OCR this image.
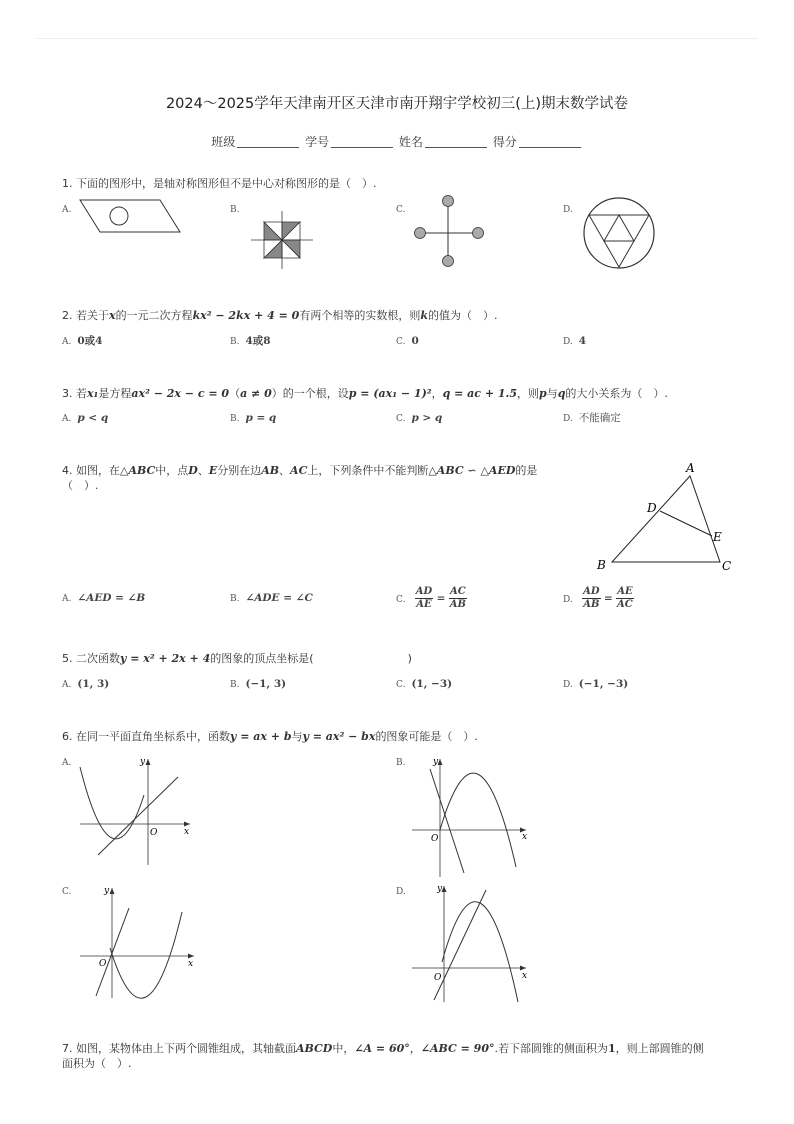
2024～2025学年天津南开区天津市南开翔宇学校初三(上)期末数学试卷
班级	学号	姓名	得分
1. 下面的图形中，是轴对称图形但不是中心对称图形的是（　）.
A.	B.	C.	D.
2. 若关于x的一元二次方程kx² − 2kx + 4 = 0有两个相等的实数根，则k的值为（　）.
A. 0或4	B. 4或8	C. 0	D. 4
3. 若x₁是方程ax² − 2x − c = 0（a ≠ 0）的一个根，设p = (ax₁ − 1)²，q = ac + 1.5，则p与q的大小关系为（　）.
A. p < q	B. p = q	C. p > q	D. 不能确定
4. 如图，在△ABC中，点D、E分别在边AB、AC上，下列条件中不能判断△ABC ∽ △AED的是
（　）.
A
D
E
B	C
A. ∠AED = ∠B	B. ∠ADE = ∠C	C. $\frac{AD}{AE} = \frac{AC}{AB}$	D. $\frac{AD}{AB} = \frac{AE}{AC}$
5. 二次函数y = x² + 2x + 4的图象的顶点坐标是(	)
A. (1, 3)	B. (−1, 3)	C. (1, −3)	D. (−1, −3)
6. 在同一平面直角坐标系中，函数y = ax + b与y = ax² − bx的图象可能是（　）.
A.
x
y
O
B.
x
y
O
C.
x
y
O
D.
x
y
O
7. 如图，某物体由上下两个圆锥组成，其轴截面ABCD中，∠A = 60°，∠ABC = 90°.若下部圆锥的侧面积为1，则上部圆锥的侧
面积为（　）.
